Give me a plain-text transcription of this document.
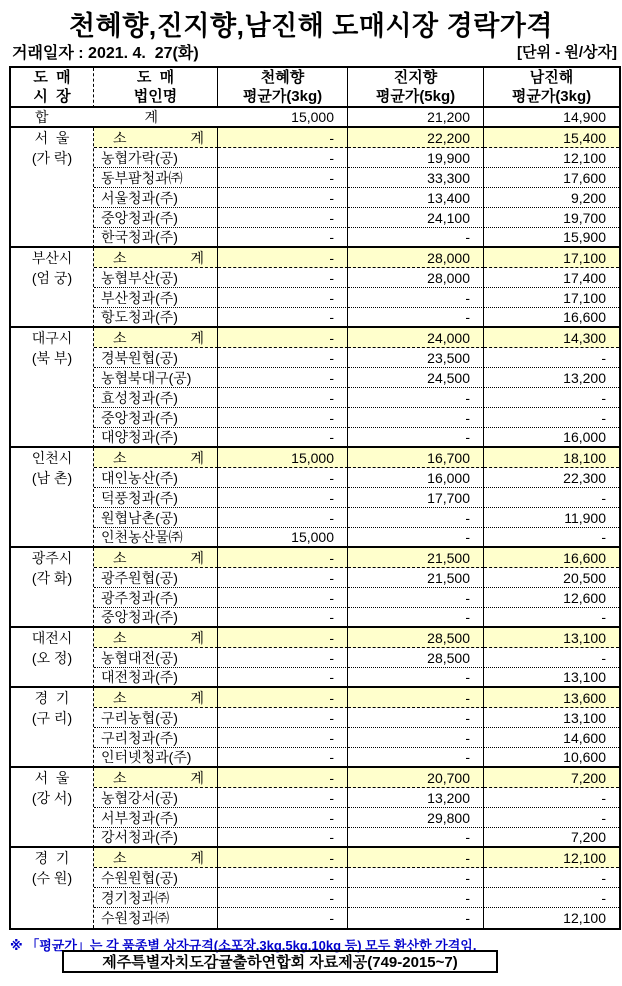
천혜향,진지향,남진해 도매시장 경락가격
거래일자 : 2021. 4.  27(화)	[단위 - 원/상자]
도  매
시  장
도  매
법인명
천혜향
평균가(3kg)
진지향
평균가(5kg)
남진해
평균가(3kg)
합	계	15,000	21,200	14,900
서  울
(가 락)
소	계	-	22,200	15,400
농협가락(공)	-	19,900	12,100
동부팜청과㈜	-	33,300	17,600
서울청과(주)	-	13,400	9,200
중앙청과(주)	-	24,100	19,700
한국청과(주)	-	-	15,900
부산시
(엄 궁)
소	계	-	28,000	17,100
농협부산(공)	-	28,000	17,400
부산청과(주)	-	-	17,100
항도청과(주)	-	-	16,600
대구시
(북 부)
소	계	-	24,000	14,300
경북원협(공)	-	23,500	-
농협북대구(공)	-	24,500	13,200
효성청과(주)	-	-	-
중앙청과(주)	-	-	-
대양청과(주)	-	-	16,000
인천시
(남 촌)
소	계	15,000	16,700	18,100
대인농산(주)	-	16,000	22,300
덕풍청과(주)	-	17,700	-
원협남촌(공)	-	-	11,900
인천농산물㈜	15,000	-	-
광주시
(각 화)
소	계	-	21,500	16,600
광주원협(공)	-	21,500	20,500
광주청과(주)	-	-	12,600
중앙청과(주)	-	-	-
대전시
(오 정)
소	계	-	28,500	13,100
농협대전(공)	-	28,500	-
대전청과(주)	-	-	13,100
경  기
(구 리)
소	계	-	-	13,600
구리농협(공)	-	-	13,100
구리청과(주)	-	-	14,600
인터넷청과(주)	-	-	10,600
서  울
(강 서)
소	계	-	20,700	7,200
농협강서(공)	-	13,200	-
서부청과(주)	-	29,800	-
강서청과(주)	-	-	7,200
경  기
(수 원)
소	계	-	-	12,100
수원원협(공)	-	-	-
경기청과㈜	-	-	-
수원청과㈜	-	-	12,100
※ 「평균가」는 각 품종별 상자규격(소포장,3kg,5kg,10kg 등) 모두 환산한 가격임.
제주특별자치도감귤출하연합회 자료제공(749-2015~7)
